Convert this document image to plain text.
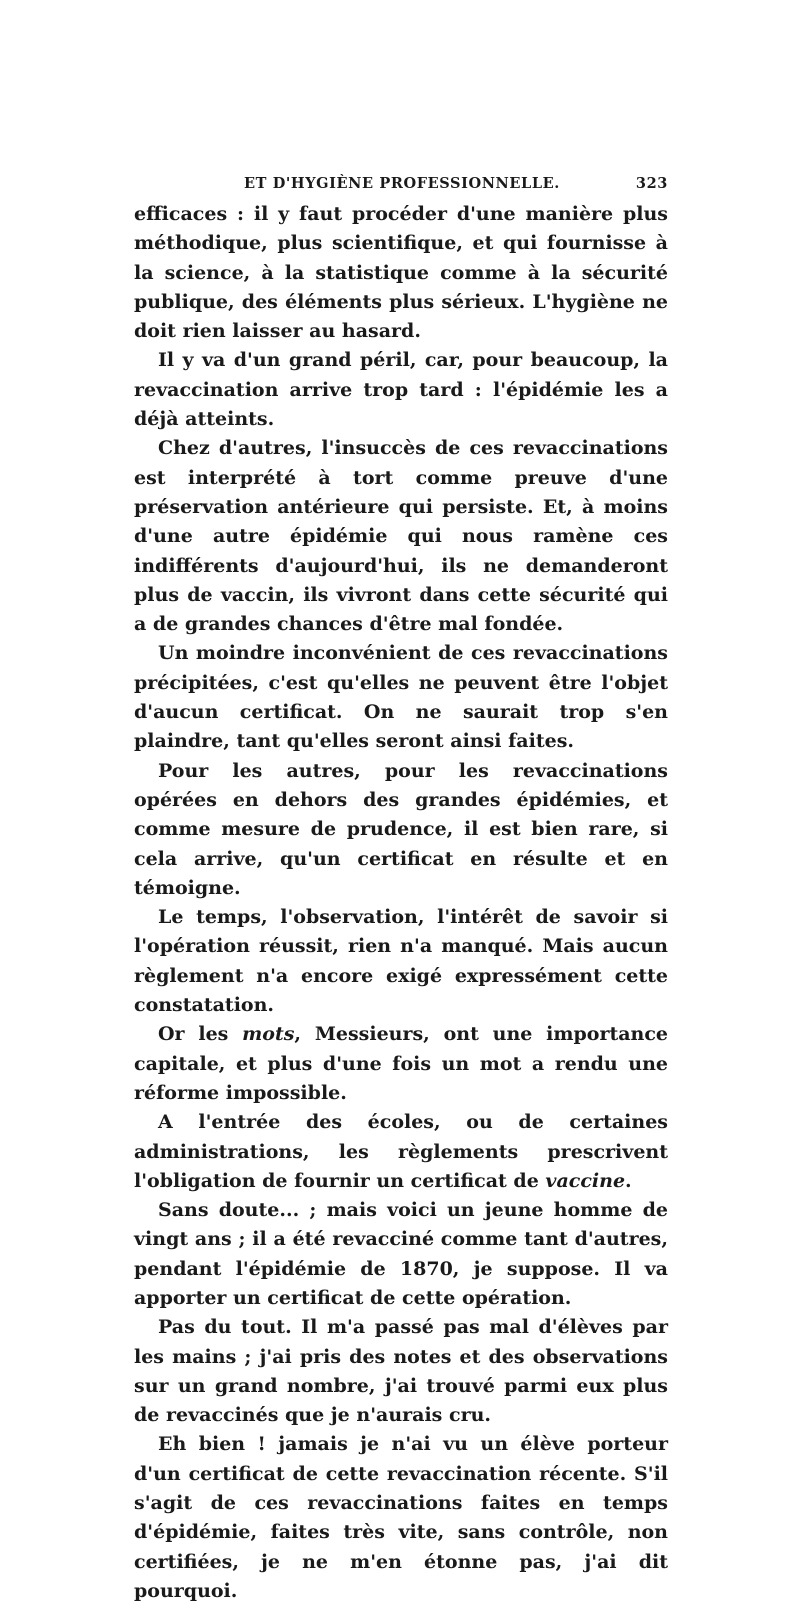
ET D'HYGIÈNE PROFESSIONNELLE.	323

efficaces : il y faut procéder d'une manière plus méthodique, plus scientifique, et qui fournisse à la science, à la statistique comme à la sécurité publique, des éléments plus sérieux. L'hygiène ne doit rien laisser au hasard.

Il y va d'un grand péril, car, pour beaucoup, la revaccination arrive trop tard : l'épidémie les a déjà atteints.

Chez d'autres, l'insuccès de ces revaccinations est interprété à tort comme preuve d'une préservation antérieure qui persiste. Et, à moins d'une autre épidémie qui nous ramène ces indifférents d'aujourd'hui, ils ne demanderont plus de vaccin, ils vivront dans cette sécurité qui a de grandes chances d'être mal fondée.

Un moindre inconvénient de ces revaccinations précipitées, c'est qu'elles ne peuvent être l'objet d'aucun certificat. On ne saurait trop s'en plaindre, tant qu'elles seront ainsi faites.

Pour les autres, pour les revaccinations opérées en dehors des grandes épidémies, et comme mesure de prudence, il est bien rare, si cela arrive, qu'un certificat en résulte et en témoigne.

Le temps, l'observation, l'intérêt de savoir si l'opération réussit, rien n'a manqué. Mais aucun règlement n'a encore exigé expressément cette constatation.

Or les mots, Messieurs, ont une importance capitale, et plus d'une fois un mot a rendu une réforme impossible.

A l'entrée des écoles, ou de certaines administrations, les règlements prescrivent l'obligation de fournir un certificat de vaccine.

Sans doute... ; mais voici un jeune homme de vingt ans ; il a été revacciné comme tant d'autres, pendant l'épidémie de 1870, je suppose. Il va apporter un certificat de cette opération.

Pas du tout. Il m'a passé pas mal d'élèves par les mains ; j'ai pris des notes et des observations sur un grand nombre, j'ai trouvé parmi eux plus de revaccinés que je n'aurais cru.

Eh bien ! jamais je n'ai vu un élève porteur d'un certificat de cette revaccination récente. S'il s'agit de ces revaccinations faites en temps d'épidémie, faites très vite, sans contrôle, non certifiées, je ne m'en étonne pas, j'ai dit pourquoi.
